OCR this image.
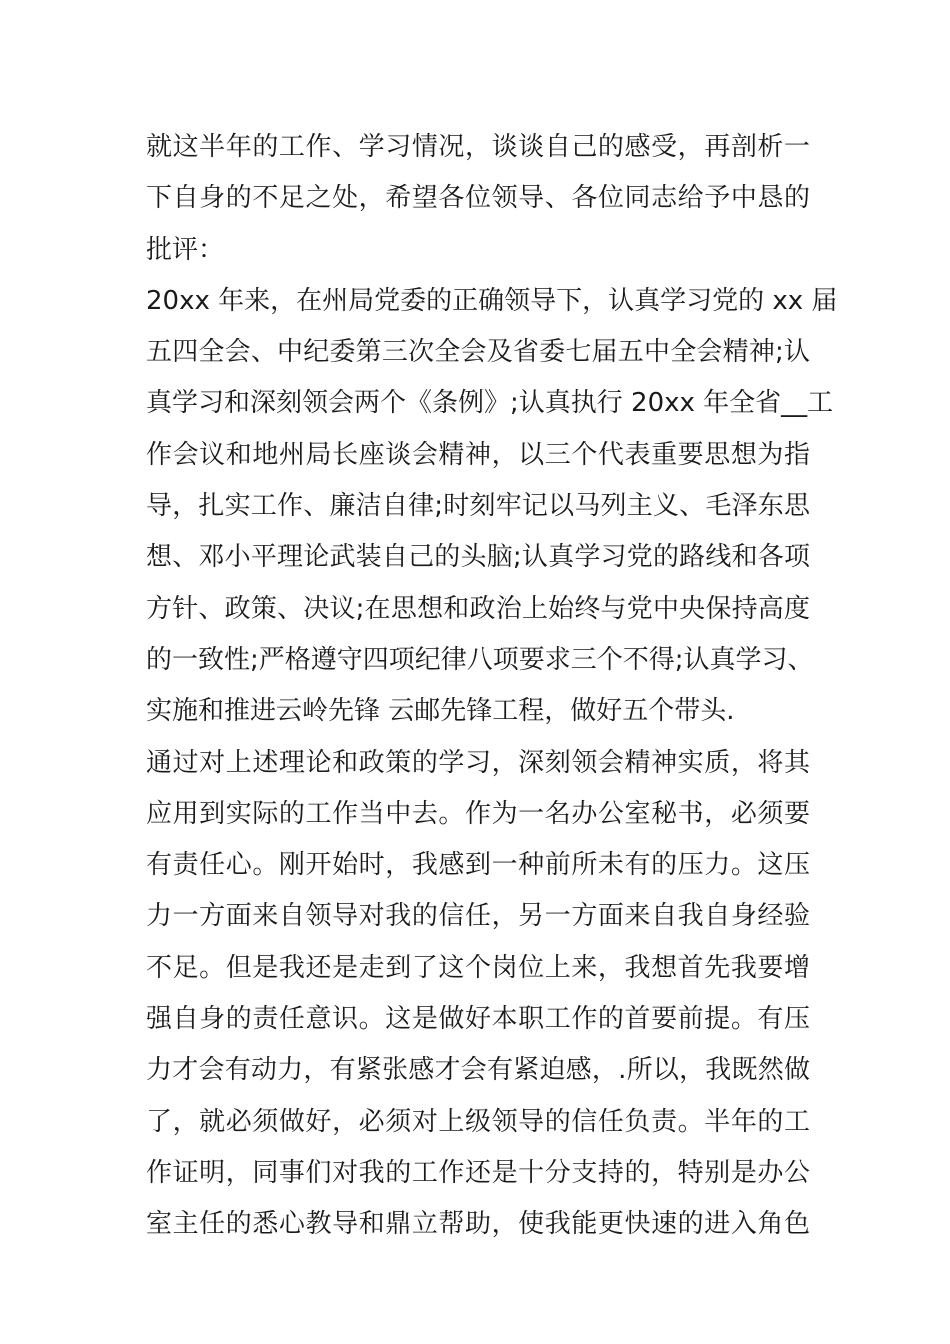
就这半年的工作、学习情况，谈谈自己的感受，再剖析一
下自身的不足之处，希望各位领导、各位同志给予中恳的
批评：
20xx 年来，在州局党委的正确领导下，认真学习党的 xx 届
五四全会、中纪委第三次全会及省委七届五中全会精神;认
真学习和深刻领会两个《条例》;认真执行 20xx 年全省__工
作会议和地州局长座谈会精神，以三个代表重要思想为指
导，扎实工作、廉洁自律;时刻牢记以马列主义、毛泽东思
想、邓小平理论武装自己的头脑;认真学习党的路线和各项
方针、政策、决议;在思想和政治上始终与党中央保持高度
的一致性;严格遵守四项纪律八项要求三个不得;认真学习、
实施和推进云岭先锋 云邮先锋工程，做好五个带头.
通过对上述理论和政策的学习，深刻领会精神实质，将其
应用到实际的工作当中去。作为一名办公室秘书，必须要
有责任心。刚开始时，我感到一种前所未有的压力。这压
力一方面来自领导对我的信任，另一方面来自我自身经验
不足。但是我还是走到了这个岗位上来，我想首先我要增
强自身的责任意识。这是做好本职工作的首要前提。有压
力才会有动力，有紧张感才会有紧迫感，.所以，我既然做
了，就必须做好，必须对上级领导的信任负责。半年的工
作证明，同事们对我的工作还是十分支持的，特别是办公
室主任的悉心教导和鼎立帮助，使我能更快速的进入角色
